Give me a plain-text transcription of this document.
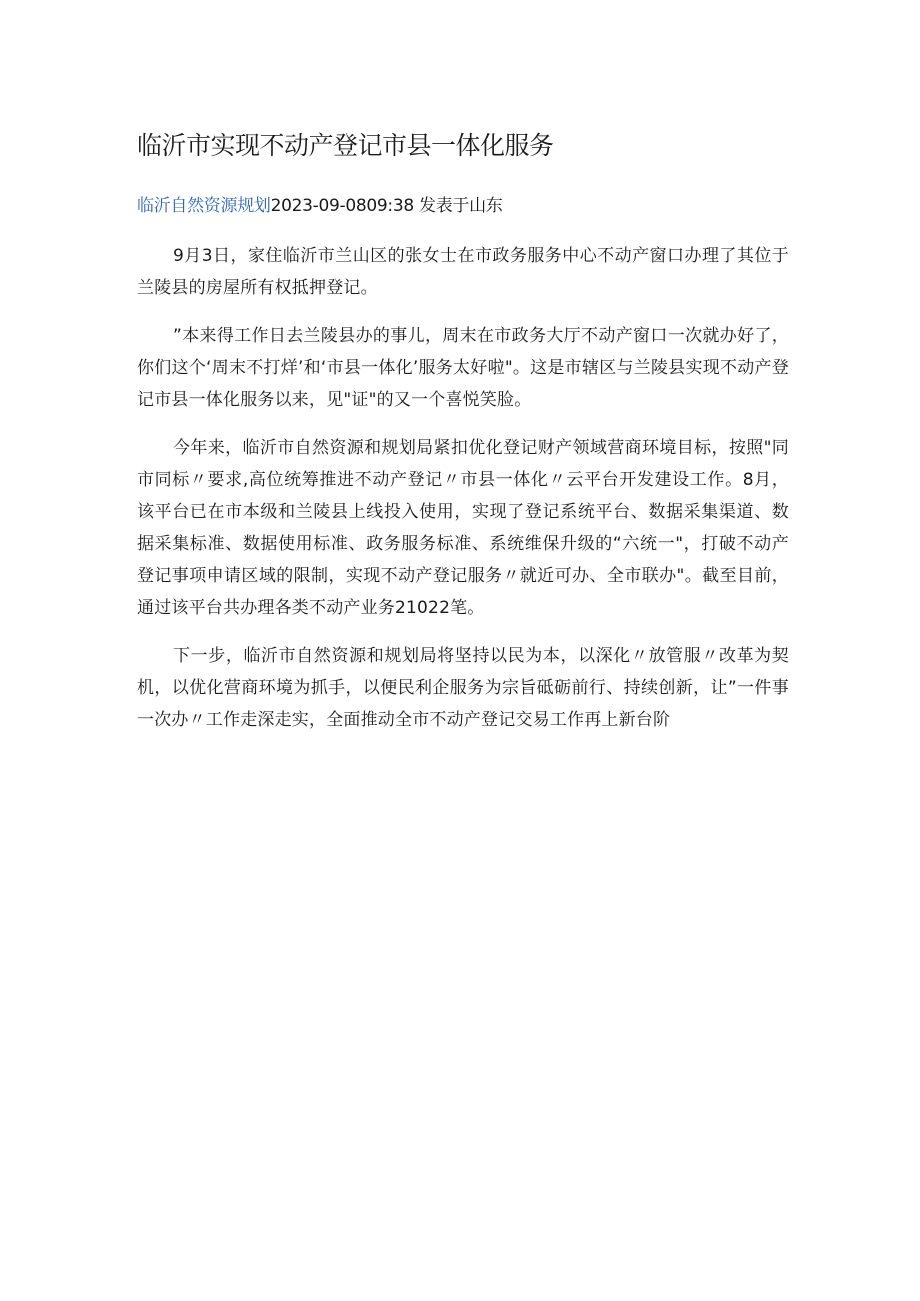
临沂市实现不动产登记市县一体化服务
临沂自然资源规划2023-09-0809:38 发表于山东

9月3日，家住临沂市兰山区的张女士在市政务服务中心不动产窗口办理了其位于兰陵县的房屋所有权抵押登记。

”本来得工作日去兰陵县办的事儿，周末在市政务大厅不动产窗口一次就办好了，你们这个‘周末不打烊’和‘市县一体化’服务太好啦"。这是市辖区与兰陵县实现不动产登记市县一体化服务以来，见"证"的又一个喜悦笑脸。

今年来，临沂市自然资源和规划局紧扣优化登记财产领域营商环境目标，按照"同市同标〃要求,高位统筹推进不动产登记〃市县一体化〃云平台开发建设工作。8月，该平台已在市本级和兰陵县上线投入使用，实现了登记系统平台、数据采集渠道、数据采集标准、数据使用标准、政务服务标准、系统维保升级的“六统一"，打破不动产登记事项申请区域的限制，实现不动产登记服务〃就近可办、全市联办"。截至目前，通过该平台共办理各类不动产业务21022笔。

下一步，临沂市自然资源和规划局将坚持以民为本，以深化〃放管服〃改革为契机，以优化营商环境为抓手，以便民利企服务为宗旨砥砺前行、持续创新，让”一件事一次办〃工作走深走实，全面推动全市不动产登记交易工作再上新台阶
